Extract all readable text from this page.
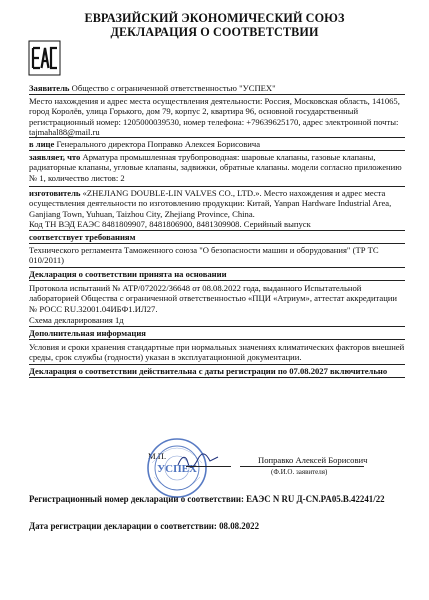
ЕВРАЗИЙСКИЙ ЭКОНОМИЧЕСКИЙ СОЮЗ
ДЕКЛАРАЦИЯ О СООТВЕТСТВИИ
Заявитель Общество с ограниченной ответственностью "УСПЕХ"
Место нахождения и адрес места осуществления деятельности: Россия, Московская область, 141065, город Королёв, улица Горького, дом 79, корпус 2, квартира 96, основной государственный регистрационный номер: 1205000039530, номер телефона: +79639625170, адрес электронной почты: tajmahal88@mail.ru
в лице Генерального директора Поправко Алексея Борисовича
заявляет, что Арматура промышленная трубопроводная: шаровые клапаны, газовые клапаны, радиаторные клапаны, угловые клапаны, задвижки, обратные клапаны. модели согласно приложению № 1, количество листов: 2
изготовитель «ZHEJIANG DOUBLE-LIN VALVES CO., LTD.». Место нахождения и адрес места осуществления деятельности по изготовлению продукции: Китай, Yanpan Hardware Industrial Area, Ganjiang Town, Yuhuan, Taizhou City, Zhejiang Province, China.
Код ТН ВЭД ЕАЭС 8481809907, 8481806900, 8481309908. Серийный выпуск
соответствует требованиям
Технического регламента Таможенного союза "О безопасности машин и оборудования" (ТР ТС 010/2011)
Декларация о соответствии принята на основании
Протокола испытаний № АТР/072022/36648 от 08.08.2022 года, выданного Испытательной лабораторией Общества с ограниченной ответственностью «ПЦИ «Атриум», аттестат аккредитации № РОСС RU.32001.04ИБФ1.ИЛ27.
Схема декларирования 1д
Дополнительная информация
Условия и сроки хранения стандартные при нормальных значениях климатических факторов внешней среды, срок службы (годности) указан в эксплуатационной документации.
Декларация о соответствии действительна с даты регистрации по 07.08.2027 включительно
М.П.
УСПЕХ
Поправко Алексей Борисович
(Ф.И.О. заявителя)
Регистрационный номер декларации о соответствии: ЕАЭС N RU Д-CN.PA05.B.42241/22
Дата регистрации декларации о соответствии: 08.08.2022
